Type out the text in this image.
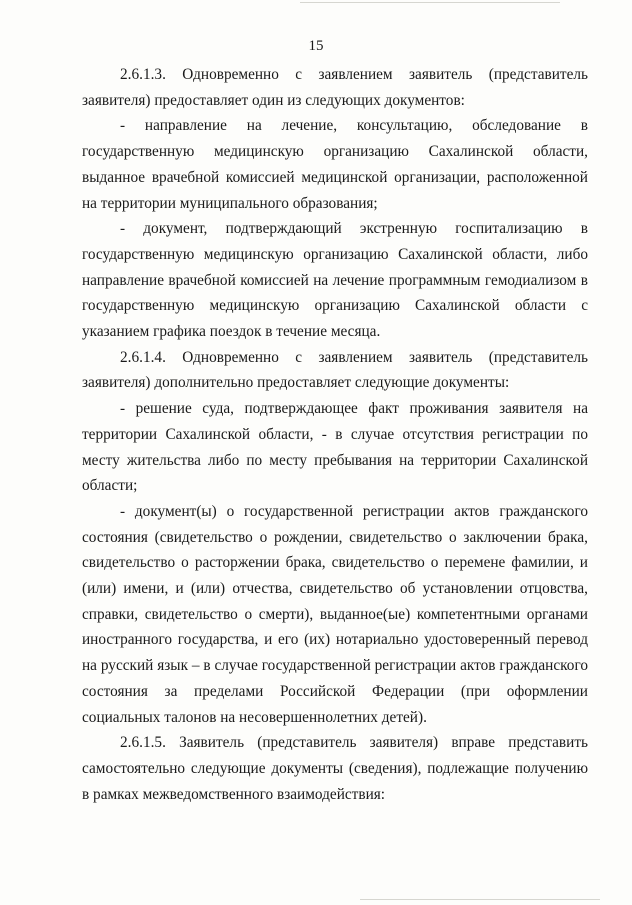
15

2.6.1.3. Одновременно с заявлением заявитель (представитель заявителя) предоставляет один из следующих документов:

- направление на лечение, консультацию, обследование в государственную медицинскую организацию Сахалинской области, выданное врачебной комиссией медицинской организации, расположенной на территории муниципального образования;

- документ, подтверждающий экстренную госпитализацию в государственную медицинскую организацию Сахалинской области, либо направление врачебной комиссией на лечение программным гемодиализом в государственную медицинскую организацию Сахалинской области с указанием графика поездок в течение месяца.

2.6.1.4. Одновременно с заявлением заявитель (представитель заявителя) дополнительно предоставляет следующие документы:

- решение суда, подтверждающее факт проживания заявителя на территории Сахалинской области, - в случае отсутствия регистрации по месту жительства либо по месту пребывания на территории Сахалинской области;

- документ(ы) о государственной регистрации актов гражданского состояния (свидетельство о рождении, свидетельство о заключении брака, свидетельство о расторжении брака, свидетельство о перемене фамилии, и (или) имени, и (или) отчества, свидетельство об установлении отцовства, справки, свидетельство о смерти), выданное(ые) компетентными органами иностранного государства, и его (их) нотариально удостоверенный перевод на русский язык – в случае государственной регистрации актов гражданского состояния за пределами Российской Федерации (при оформлении социальных талонов на несовершеннолетних детей).

2.6.1.5. Заявитель (представитель заявителя) вправе представить самостоятельно следующие документы (сведения), подлежащие получению в рамках межведомственного взаимодействия:
